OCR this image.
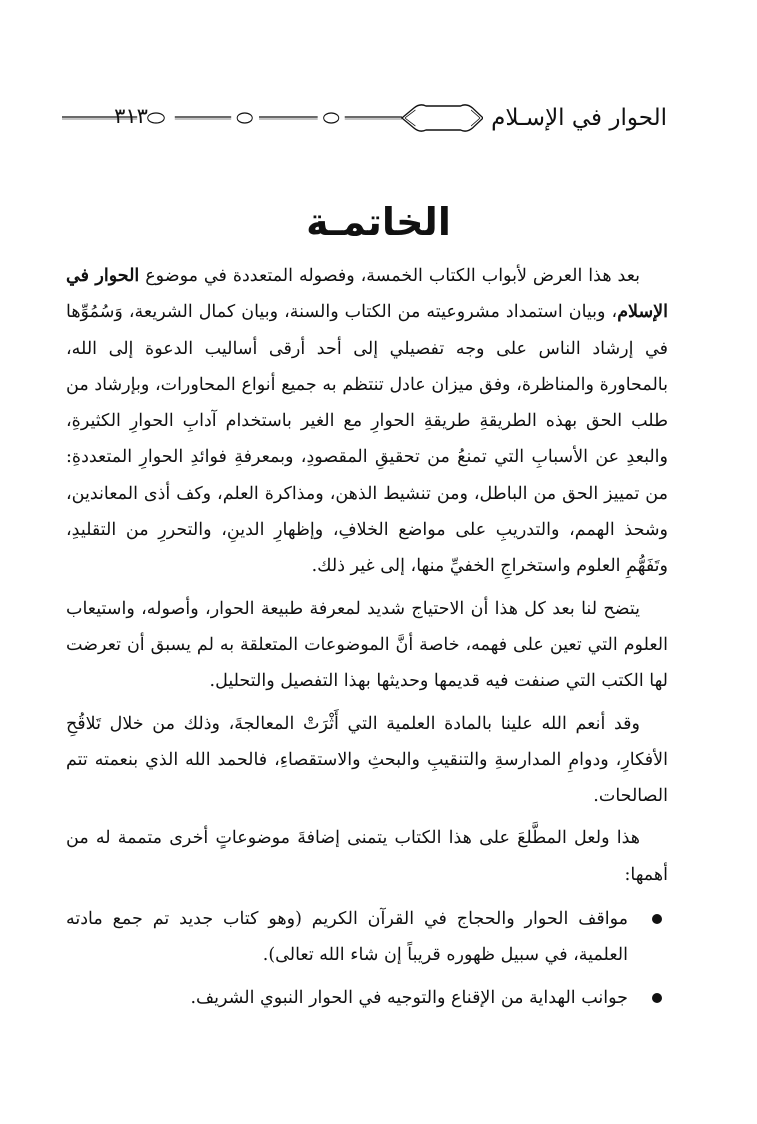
الحوار في الإسـلام
٣١٣
الخاتمـة

بعد هذا العرض لأبواب الكتاب الخمسة، وفصوله المتعددة في موضوع الحوار في الإسلام، وبيان استمداد مشروعيته من الكتاب والسنة، وبيان كمال الشريعة، وَسُمُوِّها في إرشاد الناس على وجه تفصيلي إلى أحد أرقى أساليب الدعوة إلى الله، بالمحاورة والمناظرة، وفق ميزان عادل تنتظم به جميع أنواع المحاورات، وبإرشاد من طلب الحق بهذه الطريقةِ طريقةِ الحوارِ مع الغير باستخدام آدابِ الحوارِ الكثيرةِ، والبعدِ عن الأسبابِ التي تمنعُ من تحقيقِ المقصودِ، وبمعرفةِ فوائدِ الحوارِ المتعددةِ: من تمييز الحق من الباطل، ومن تنشيط الذهن، ومذاكرة العلم، وكف أذى المعاندين، وشحذ الهمم، والتدريبِ على مواضع الخلافِ، وإظهارِ الدينِ، والتحررِ من التقليدِ، وتَفَهُّمِ العلوم واستخراجِ الخفيِّ منها، إلى غير ذلك.

يتضح لنا بعد كل هذا أن الاحتياج شديد لمعرفة طبيعة الحوار، وأصوله، واستيعاب العلوم التي تعين على فهمه، خاصة أنَّ الموضوعات المتعلقة به لم يسبق أن تعرضت لها الكتب التي صنفت فيه قديمها وحديثها بهذا التفصيل والتحليل.

وقد أنعم الله علينا بالمادة العلمية التي أَثْرَتْ المعالجةَ، وذلك من خلال تَلاقُحِ الأفكارِ، ودوامِ المدارسةِ والتنقيبِ والبحثِ والاستقصاءِ، فالحمد الله الذي بنعمته تتم الصالحات.

هذا ولعل المطَّلعَ على هذا الكتاب يتمنى إضافةَ موضوعاتٍ أخرى متممة له من أهمها:

مواقف الحوار والحجاج في القرآن الكريم (وهو كتاب جديد تم جمع مادته العلمية، في سبيل ظهوره قريباً إن شاء الله تعالى).
جوانب الهداية من الإقناع والتوجيه في الحوار النبوي الشريف.
